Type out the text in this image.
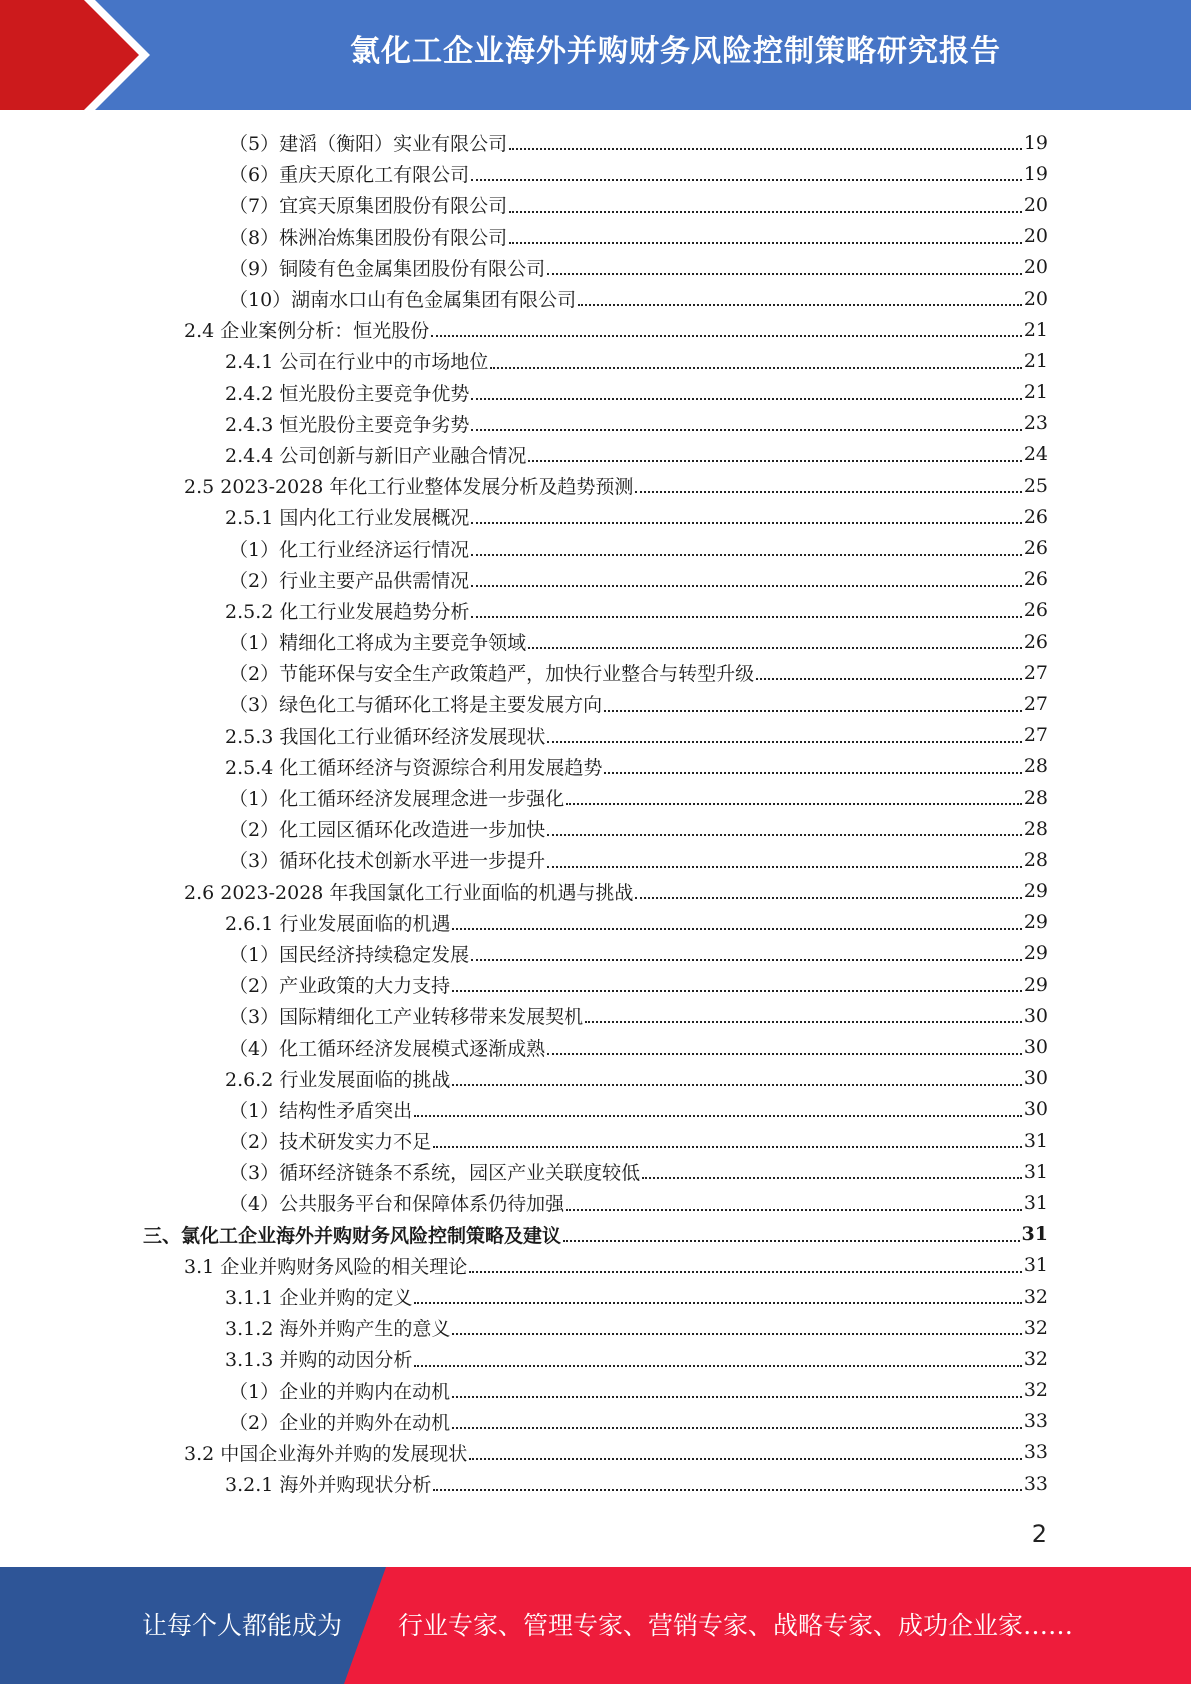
氯化工企业海外并购财务风险控制策略研究报告
（5）建滔（衡阳）实业有限公司	19
（6）重庆天原化工有限公司	19
（7）宜宾天原集团股份有限公司	20
（8）株洲冶炼集团股份有限公司	20
（9）铜陵有色金属集团股份有限公司	20
（10）湖南水口山有色金属集团有限公司	20
2.4 企业案例分析：恒光股份	21
2.4.1 公司在行业中的市场地位	21
2.4.2 恒光股份主要竞争优势	21
2.4.3 恒光股份主要竞争劣势	23
2.4.4 公司创新与新旧产业融合情况	24
2.5 2023-2028 年化工行业整体发展分析及趋势预测	25
2.5.1 国内化工行业发展概况	26
（1）化工行业经济运行情况	26
（2）行业主要产品供需情况	26
2.5.2 化工行业发展趋势分析	26
（1）精细化工将成为主要竞争领域	26
（2）节能环保与安全生产政策趋严，加快行业整合与转型升级	27
（3）绿色化工与循环化工将是主要发展方向	27
2.5.3 我国化工行业循环经济发展现状	27
2.5.4 化工循环经济与资源综合利用发展趋势	28
（1）化工循环经济发展理念进一步强化	28
（2）化工园区循环化改造进一步加快	28
（3）循环化技术创新水平进一步提升	28
2.6 2023-2028 年我国氯化工行业面临的机遇与挑战	29
2.6.1 行业发展面临的机遇	29
（1）国民经济持续稳定发展	29
（2）产业政策的大力支持	29
（3）国际精细化工产业转移带来发展契机	30
（4）化工循环经济发展模式逐渐成熟	30
2.6.2 行业发展面临的挑战	30
（1）结构性矛盾突出	30
（2）技术研发实力不足	31
（3）循环经济链条不系统，园区产业关联度较低	31
（4）公共服务平台和保障体系仍待加强	31
三、氯化工企业海外并购财务风险控制策略及建议	31
3.1 企业并购财务风险的相关理论	31
3.1.1 企业并购的定义	32
3.1.2 海外并购产生的意义	32
3.1.3 并购的动因分析	32
（1）企业的并购内在动机	32
（2）企业的并购外在动机	33
3.2 中国企业海外并购的发展现状	33
3.2.1 海外并购现状分析	33
2
让每个人都能成为 行业专家、管理专家、营销专家、战略专家、成功企业家……
